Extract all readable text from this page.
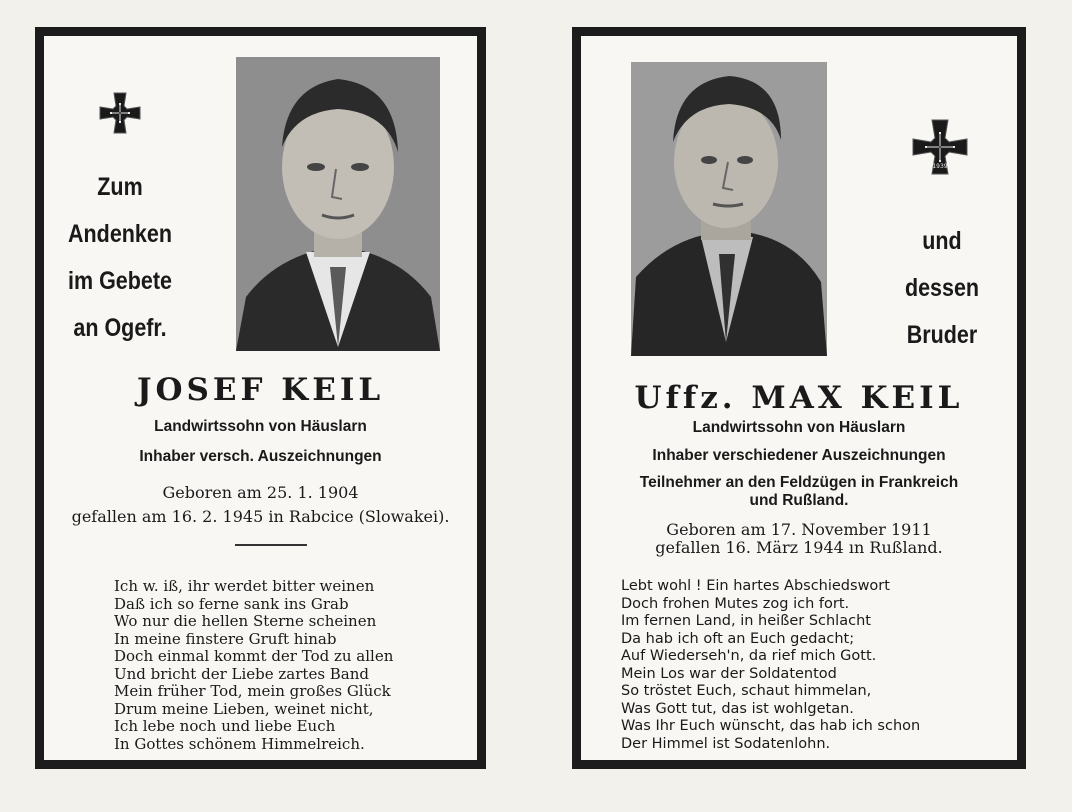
Zum
Andenken
im Gebete
an Ogefr.
JOSEF KEIL
Landwirtssohn von Häuslarn
Inhaber versch. Auszeichnungen
Geboren am 25. 1. 1904
gefallen am 16. 2. 1945 in Rabcice (Slowakei).
Ich w. iß, ihr werdet bitter weinen
Daß ich so ferne sank ins Grab
Wo nur die hellen Sterne scheinen
In meine finstere Gruft hinab
Doch einmal kommt der Tod zu allen
Und bricht der Liebe zartes Band
Mein früher Tod, mein großes Glück
Drum meine Lieben, weinet nicht,
Ich lebe noch und liebe Euch
In Gottes schönem Himmelreich.
1939
und
dessen
Bruder
Uffz. MAX KEIL
Landwirtssohn von Häuslarn
Inhaber verschiedener Auszeichnungen
Teilnehmer an den Feldzügen in Frankreich
und Rußland.
Geboren am 17. November 1911
gefallen 16. März 1944 ın Rußland.
Lebt wohl ! Ein hartes Abschiedswort
Doch frohen Mutes zog ich fort.
Im fernen Land, in heißer Schlacht
Da hab ich oft an Euch gedacht;
Auf Wiederseh'n, da rief mich Gott.
Mein Los war der Soldatentod
So tröstet Euch, schaut himmelan,
Was Gott tut, das ist wohlgetan.
Was Ihr Euch wünscht, das hab ich schon
Der Himmel ist Sodatenlohn.
